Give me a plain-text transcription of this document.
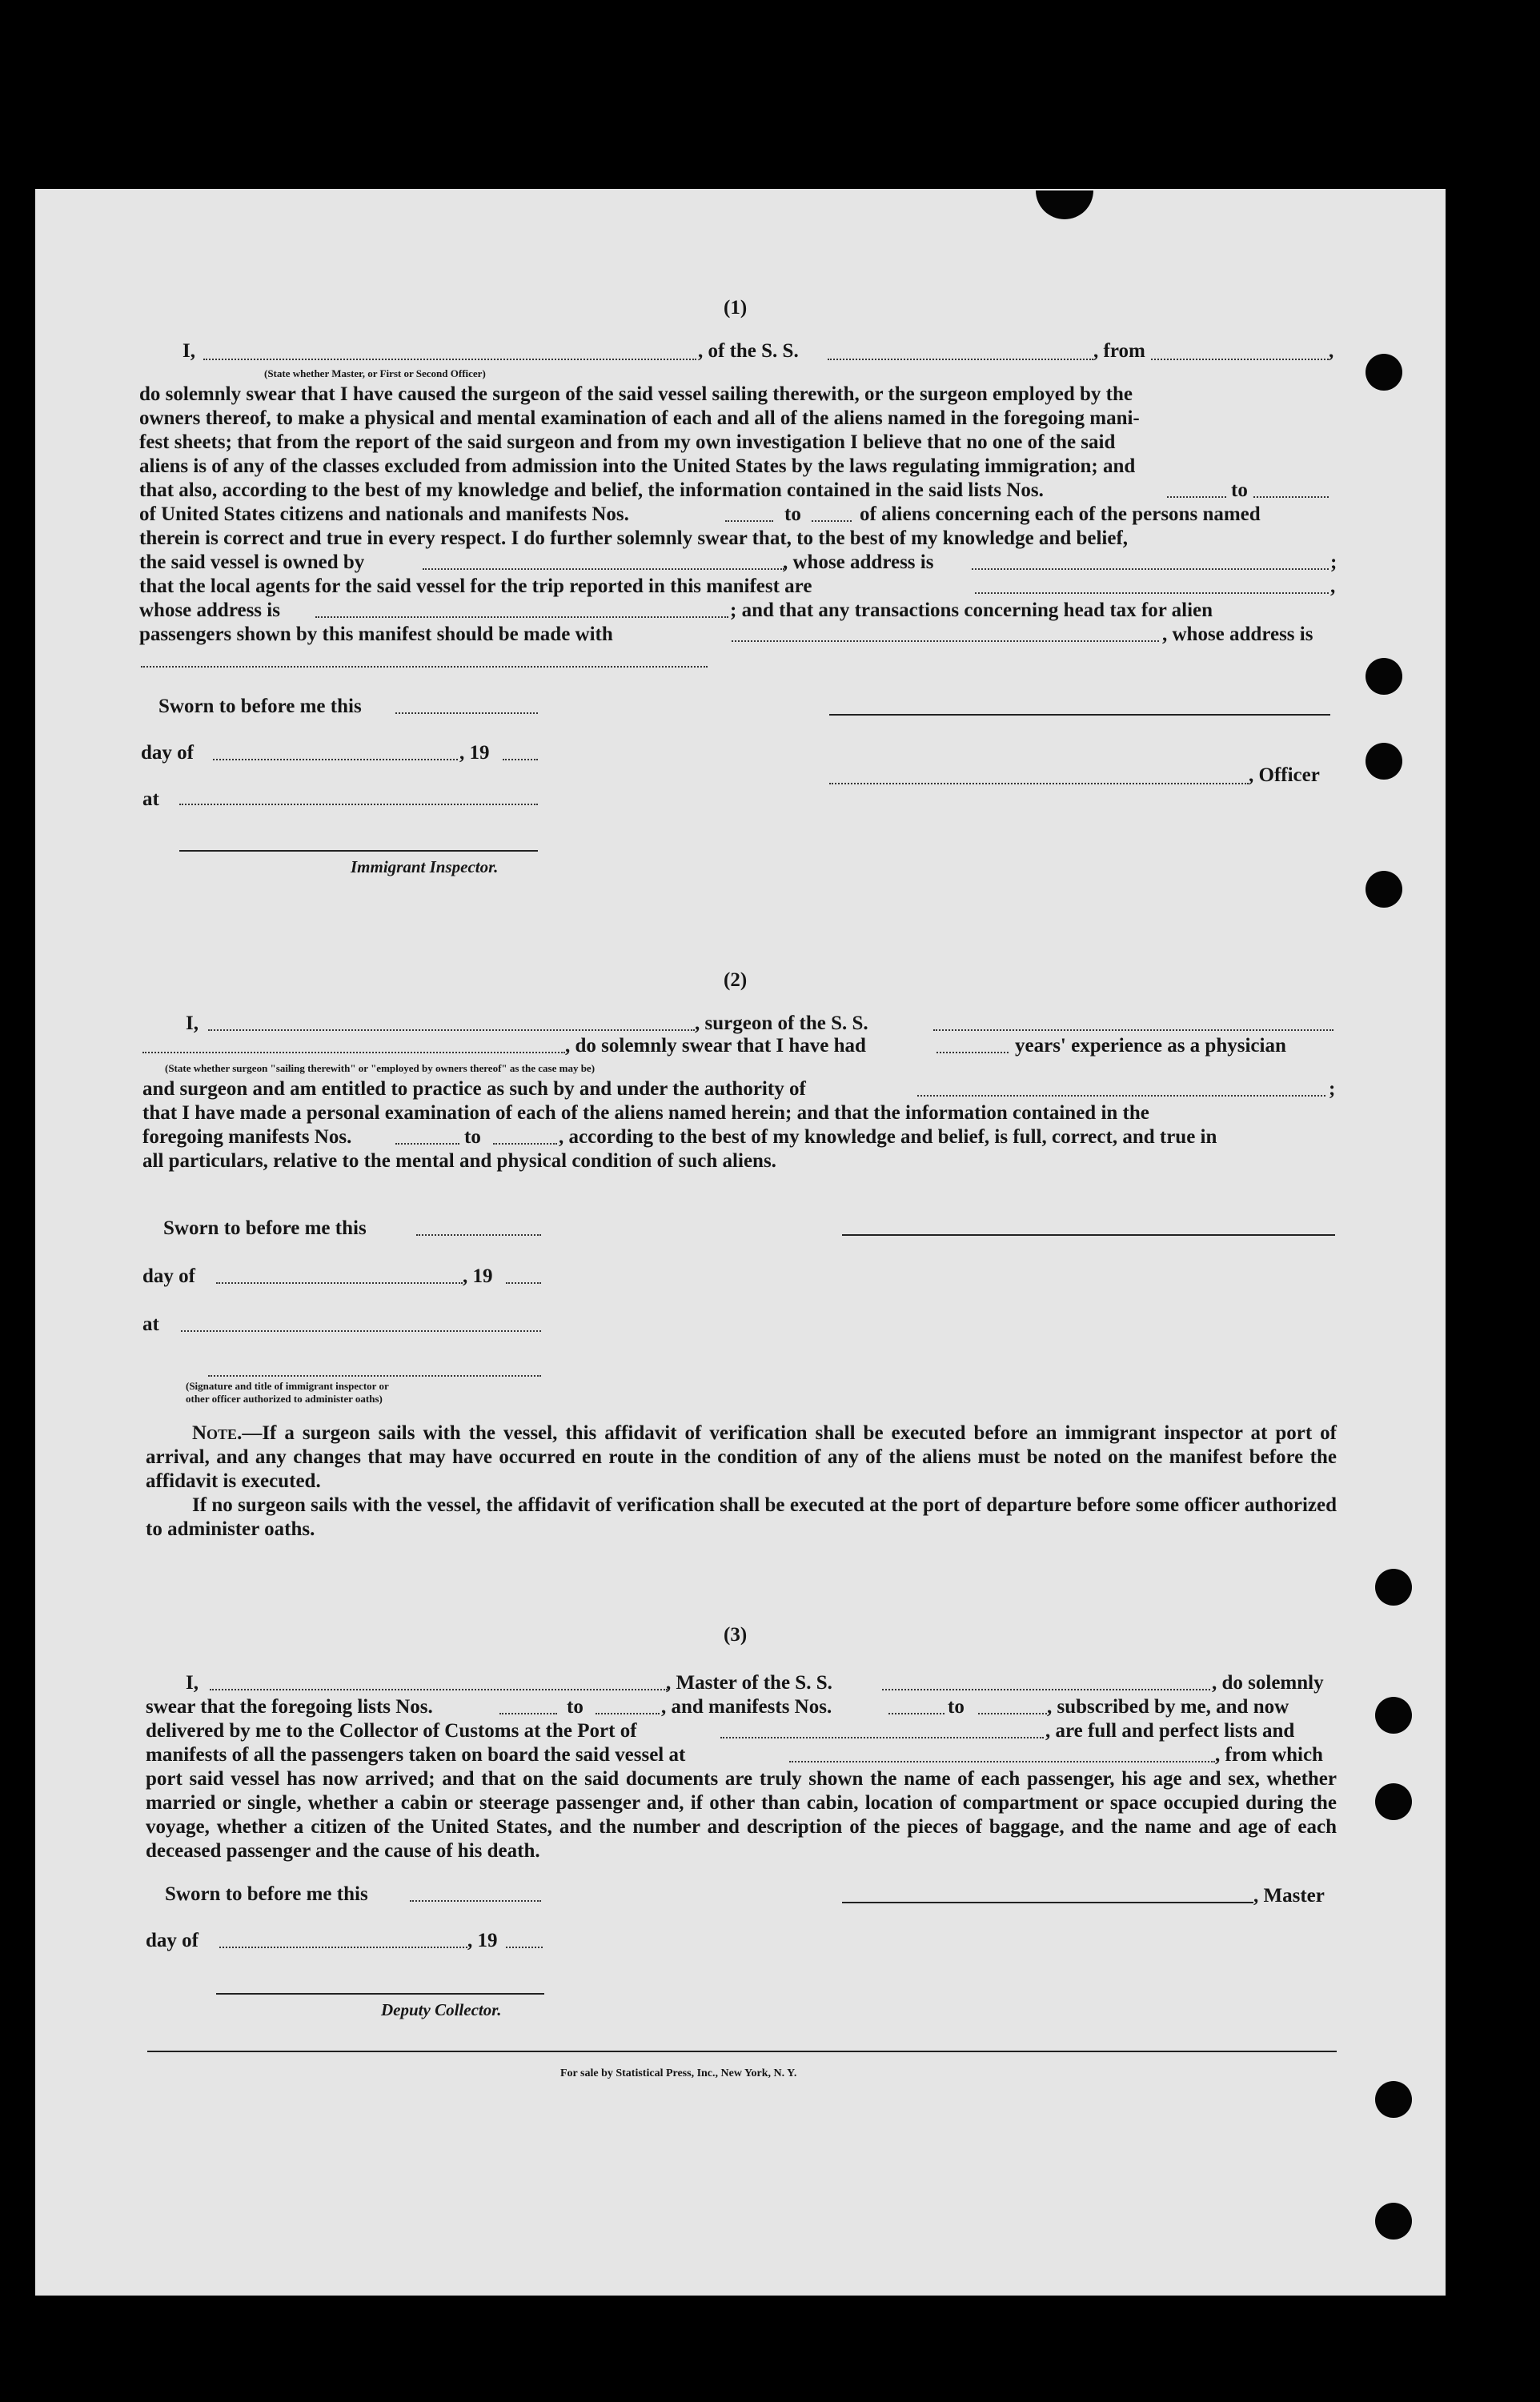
(1)
I,	, of the S. S.	, from	,
(State whether Master, or First or Second Officer)
do solemnly swear that I have caused the surgeon of the said vessel sailing therewith, or the surgeon employed by the
owners thereof, to make a physical and mental examination of each and all of the aliens named in the foregoing mani-
fest sheets; that from the report of the said surgeon and from my own investigation I believe that no one of the said
aliens is of any of the classes excluded from admission into the United States by the laws regulating immigration; and
that also, according to the best of my knowledge and belief, the information contained in the said lists Nos.	to
of United States citizens and nationals and manifests Nos.	to	of aliens concerning each of the persons named
therein is correct and true in every respect. I do further solemnly swear that, to the best of my knowledge and belief,
the said vessel is owned by	, whose address is	;
that the local agents for the said vessel for the trip reported in this manifest are	,
whose address is	; and that any transactions concerning head tax for alien
passengers shown by this manifest should be made with	, whose address is
Sworn to before me this
day of	, 19
, Officer
at
Immigrant Inspector.
(2)
I,	, surgeon of the S. S.
, do solemnly swear that I have had	years' experience as a physician
(State whether surgeon "sailing therewith" or "employed by owners thereof" as the case may be)
and surgeon and am entitled to practice as such by and under the authority of	;
that I have made a personal examination of each of the aliens named herein; and that the information contained in the
foregoing manifests Nos.	to	, according to the best of my knowledge and belief, is full, correct, and true in
all particulars, relative to the mental and physical condition of such aliens.
Sworn to before me this
day of	, 19
at
(Signature and title of immigrant inspector or
other officer authorized to administer oaths)
Note.—If a surgeon sails with the vessel, this affidavit of verification shall be executed before an immigrant inspector at port of arrival, and any changes that may have occurred en route in the condition of any of the aliens must be noted on the manifest before the affidavit is executed.
If no surgeon sails with the vessel, the affidavit of verification shall be executed at the port of departure before some officer authorized to administer oaths.
(3)
I,	, Master of the S. S.	, do solemnly
swear that the foregoing lists Nos.	to	, and manifests Nos.	to	, subscribed by me, and now
delivered by me to the Collector of Customs at the Port of	, are full and perfect lists and
manifests of all the passengers taken on board the said vessel at	, from which
port said vessel has now arrived; and that on the said documents are truly shown the name of each passenger, his age and sex, whether married or single, whether a cabin or steerage passenger and, if other than cabin, location of compartment or space occupied during the voyage, whether a citizen of the United States, and the number and description of the pieces of baggage, and the name and age of each deceased passenger and the cause of his death.
Sworn to before me this	, Master
day of	, 19
Deputy Collector.
For sale by Statistical Press, Inc., New York, N. Y.
